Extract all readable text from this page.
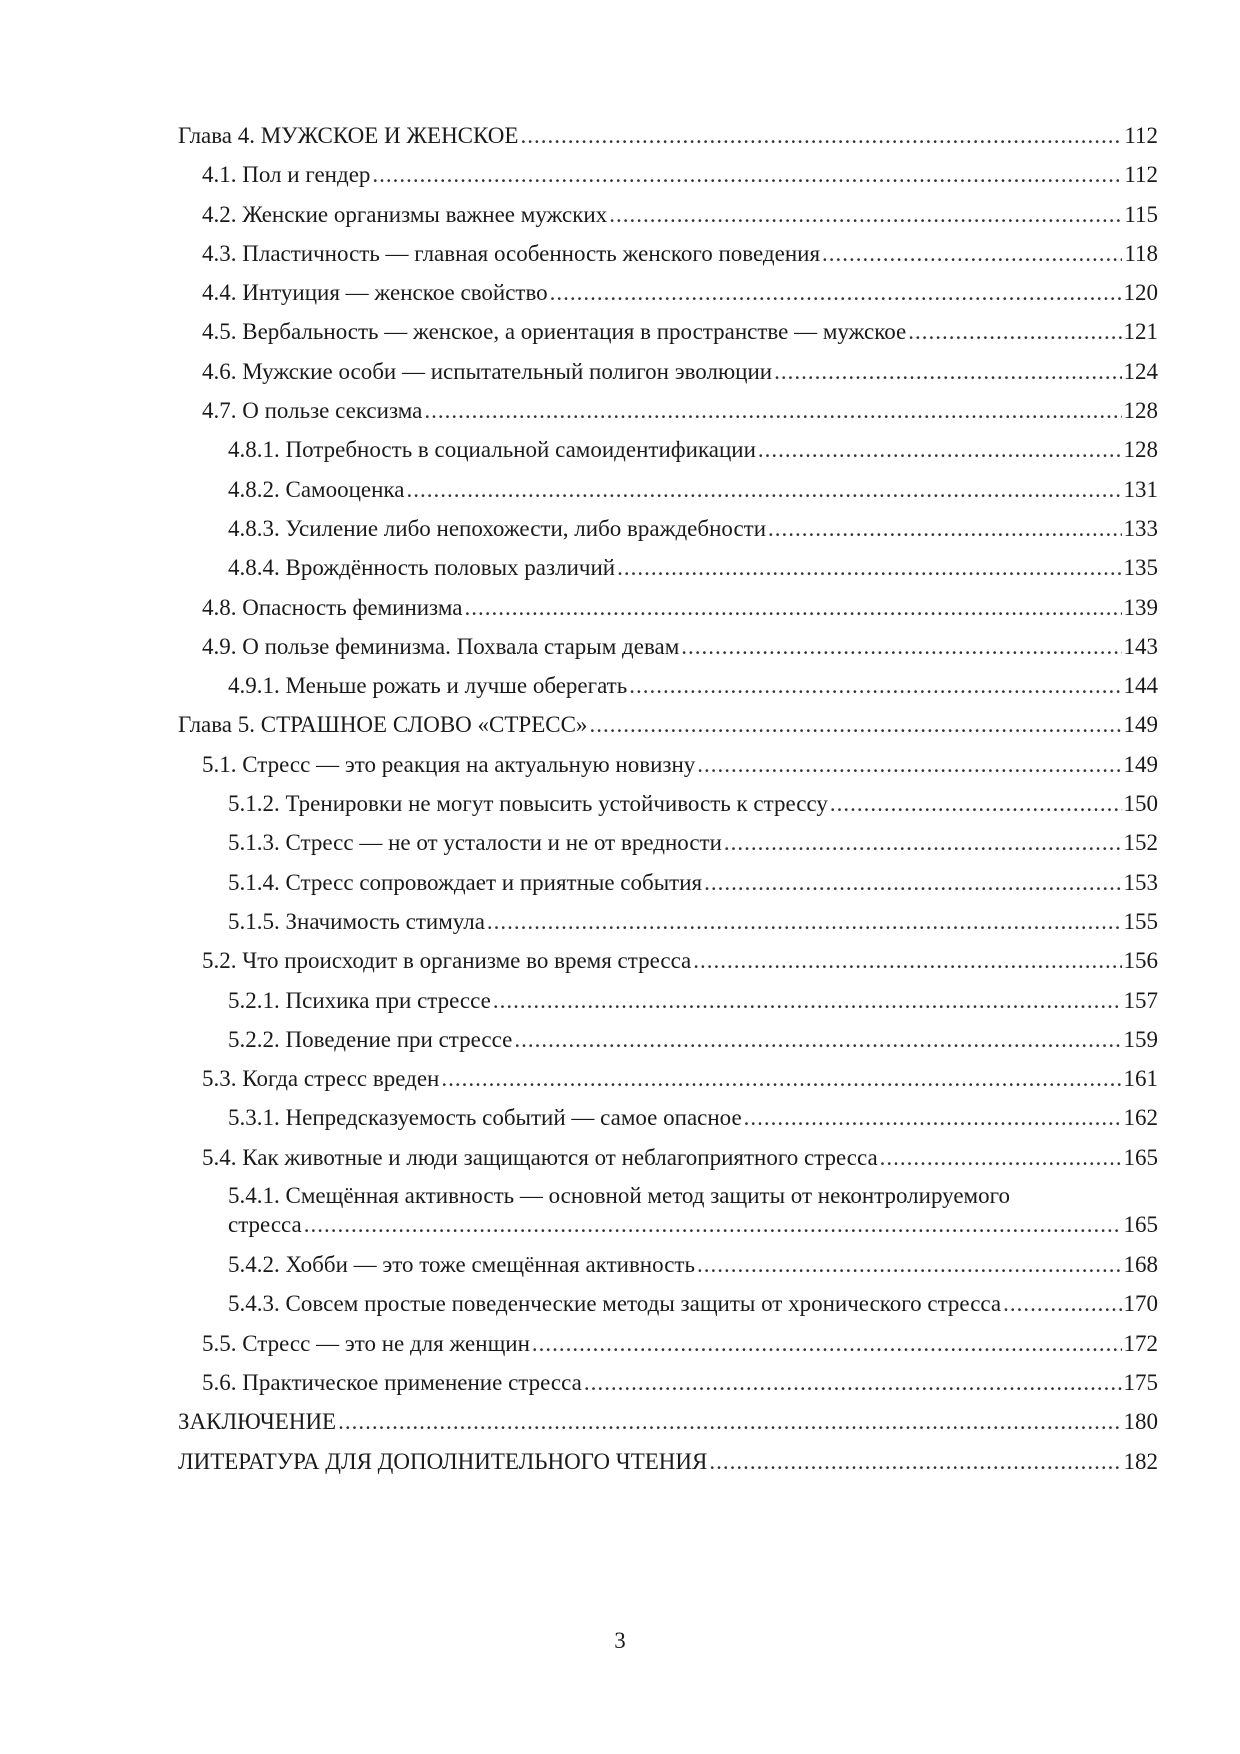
Глава 4. МУЖСКОЕ И ЖЕНСКОЕ .....	112
4.1. Пол и гендер .....	112
4.2. Женские организмы важнее мужских .....	115
4.3. Пластичность — главная особенность женского поведения .....	118
4.4. Интуиция — женское свойство .....	120
4.5. Вербальность — женское, а ориентация в пространстве — мужское .....	121
4.6. Мужские особи — испытательный полигон эволюции .....	124
4.7. О пользе сексизма .....	128
4.8.1. Потребность в социальной самоидентификации .....	128
4.8.2. Самооценка .....	131
4.8.3. Усиление либо непохожести, либо враждебности .....	133
4.8.4. Врождённость половых различий .....	135
4.8. Опасность феминизма .....	139
4.9. О пользе феминизма. Похвала старым девам .....	143
4.9.1. Меньше рожать и лучше оберегать .....	144
Глава 5. СТРАШНОЕ СЛОВО «СТРЕСС» .....	149
5.1. Стресс — это реакция на актуальную новизну .....	149
5.1.2. Тренировки не могут повысить устойчивость к стрессу .....	150
5.1.3. Стресс — не от усталости и не от вредности .....	152
5.1.4. Стресс сопровождает и приятные события .....	153
5.1.5. Значимость стимула .....	155
5.2. Что происходит в организме во время стресса .....	156
5.2.1. Психика при стрессе .....	157
5.2.2. Поведение при стрессе .....	159
5.3. Когда стресс вреден .....	161
5.3.1. Непредсказуемость событий — самое опасное .....	162
5.4. Как животные и люди защищаются от неблагоприятного стресса .....	165
5.4.1. Смещённая активность — основной метод защиты от неконтролируемого
стресса .....	165
5.4.2. Хобби — это тоже смещённая активность .....	168
5.4.3. Совсем простые поведенческие методы защиты от хронического стресса .....	170
5.5. Стресс — это не для женщин .....	172
5.6. Практическое применение стресса .....	175
ЗАКЛЮЧЕНИЕ .....	180
ЛИТЕРАТУРА ДЛЯ ДОПОЛНИТЕЛЬНОГО ЧТЕНИЯ .....	182
3
